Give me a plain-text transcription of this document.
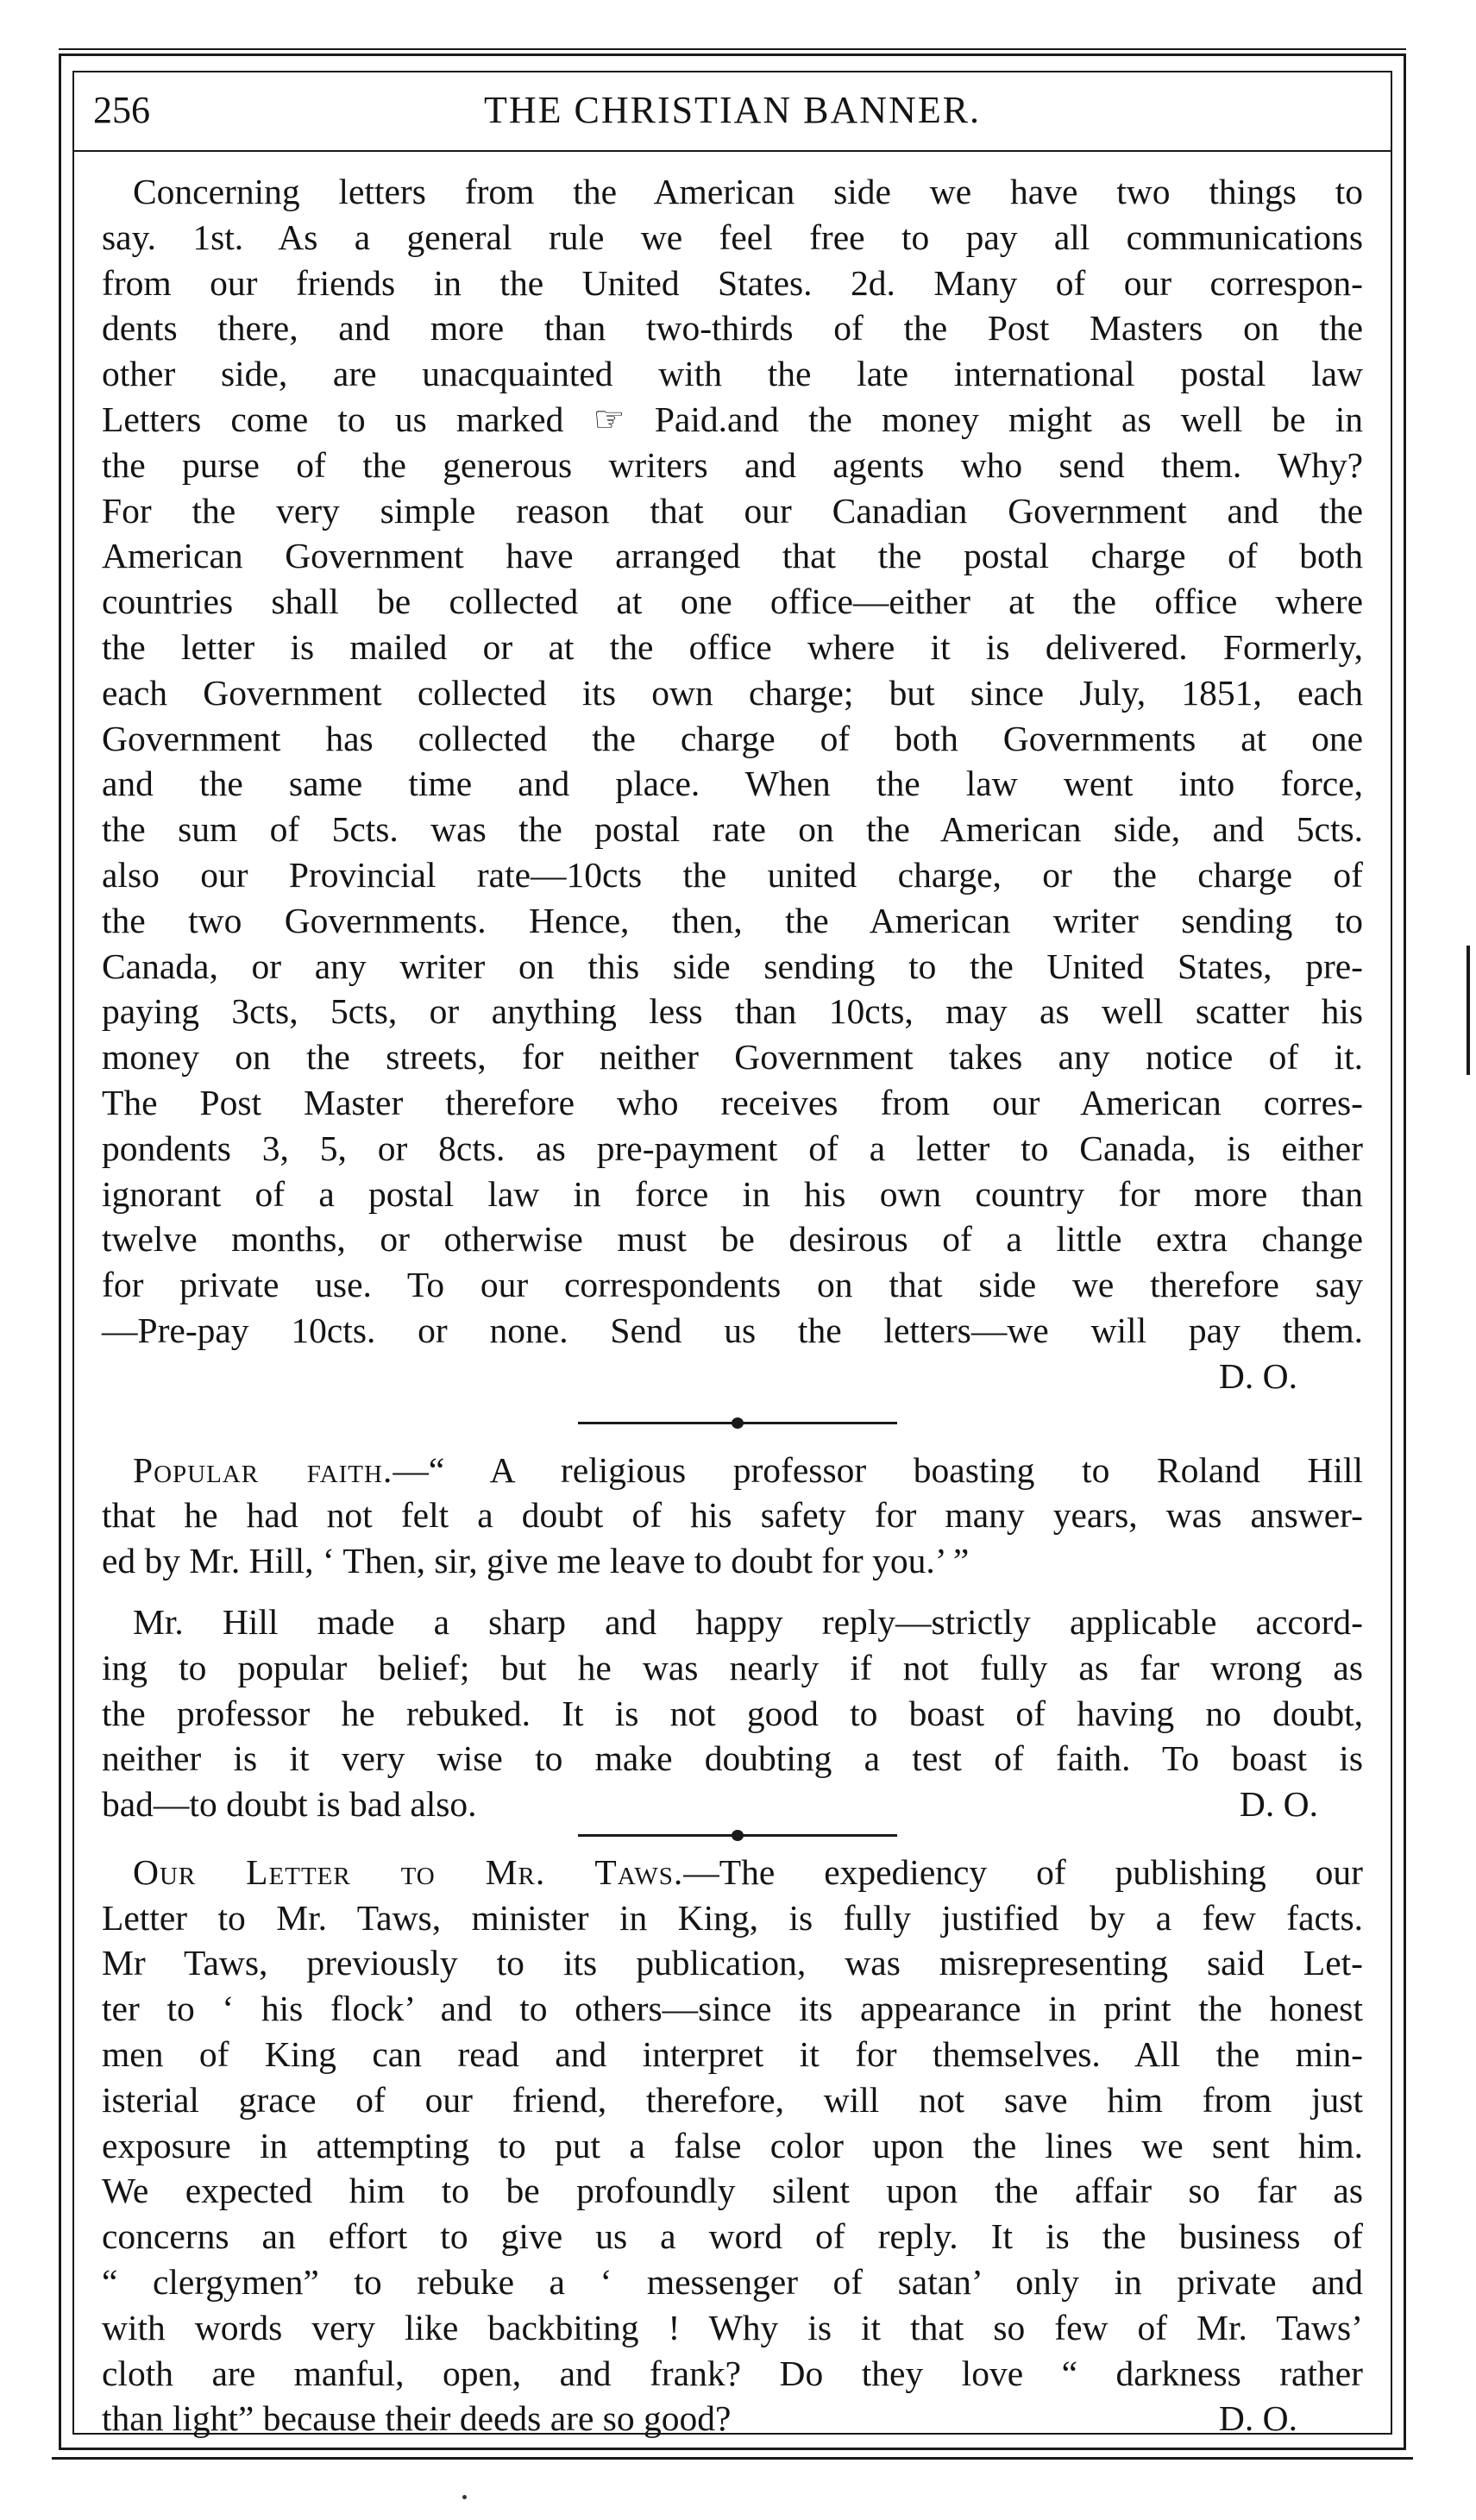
256	THE CHRISTIAN BANNER.

Concerning letters from the American side we have two things to

say. 1st. As a general rule we feel free to pay all communications

from our friends in the United States. 2d. Many of our correspon-

dents there, and more than two-thirds of the Post Masters on the

other side, are unacquainted with the late international postal law

Letters come to us marked ☞ Paid.and the money might as well be in

the purse of the generous writers and agents who send them. Why?

For the very simple reason that our Canadian Government and the

American Government have arranged that the postal charge of both

countries shall be collected at one office—either at the office where

the letter is mailed or at the office where it is delivered. Formerly,

each Government collected its own charge; but since July, 1851, each

Government has collected the charge of both Governments at one

and the same time and place. When the law went into force,

the sum of 5cts. was the postal rate on the American side, and 5cts.

also our Provincial rate—10cts the united charge, or the charge of

the two Governments. Hence, then, the American writer sending to

Canada, or any writer on this side sending to the United States, pre-

paying 3cts, 5cts, or anything less than 10cts, may as well scatter his

money on the streets, for neither Government takes any notice of it.

The Post Master therefore who receives from our American corres-

pondents 3, 5, or 8cts. as pre-payment of a letter to Canada, is either

ignorant of a postal law in force in his own country for more than

twelve months, or otherwise must be desirous of a little extra change

for private use. To our correspondents on that side we therefore say

—Pre-pay 10cts. or none. Send us the letters—we will pay them.

D. O.

Popular faith.—“ A religious professor boasting to Roland Hill

that he had not felt a doubt of his safety for many years, was answer-

ed by Mr. Hill, ‘ Then, sir, give me leave to doubt for you.’ ”

Mr. Hill made a sharp and happy reply—strictly applicable accord-

ing to popular belief; but he was nearly if not fully as far wrong as

the professor he rebuked. It is not good to boast of having no doubt,

neither is it very wise to make doubting a test of faith. To boast is

bad—to doubt is bad also.	D. O.

Our Letter to Mr. Taws.—The expediency of publishing our

Letter to Mr. Taws, minister in King, is fully justified by a few facts.

Mr Taws, previously to its publication, was misrepresenting said Let-

ter to ‘ his flock’ and to others—since its appearance in print the honest

men of King can read and interpret it for themselves. All the min-

isterial grace of our friend, therefore, will not save him from just

exposure in attempting to put a false color upon the lines we sent him.

We expected him to be profoundly silent upon the affair so far as

concerns an effort to give us a word of reply. It is the business of

“ clergymen” to rebuke a ‘ messenger of satan’ only in private and

with words very like backbiting ! Why is it that so few of Mr. Taws’

cloth are manful, open, and frank? Do they love “ darkness rather

than light” because their deeds are so good?	D. O.
